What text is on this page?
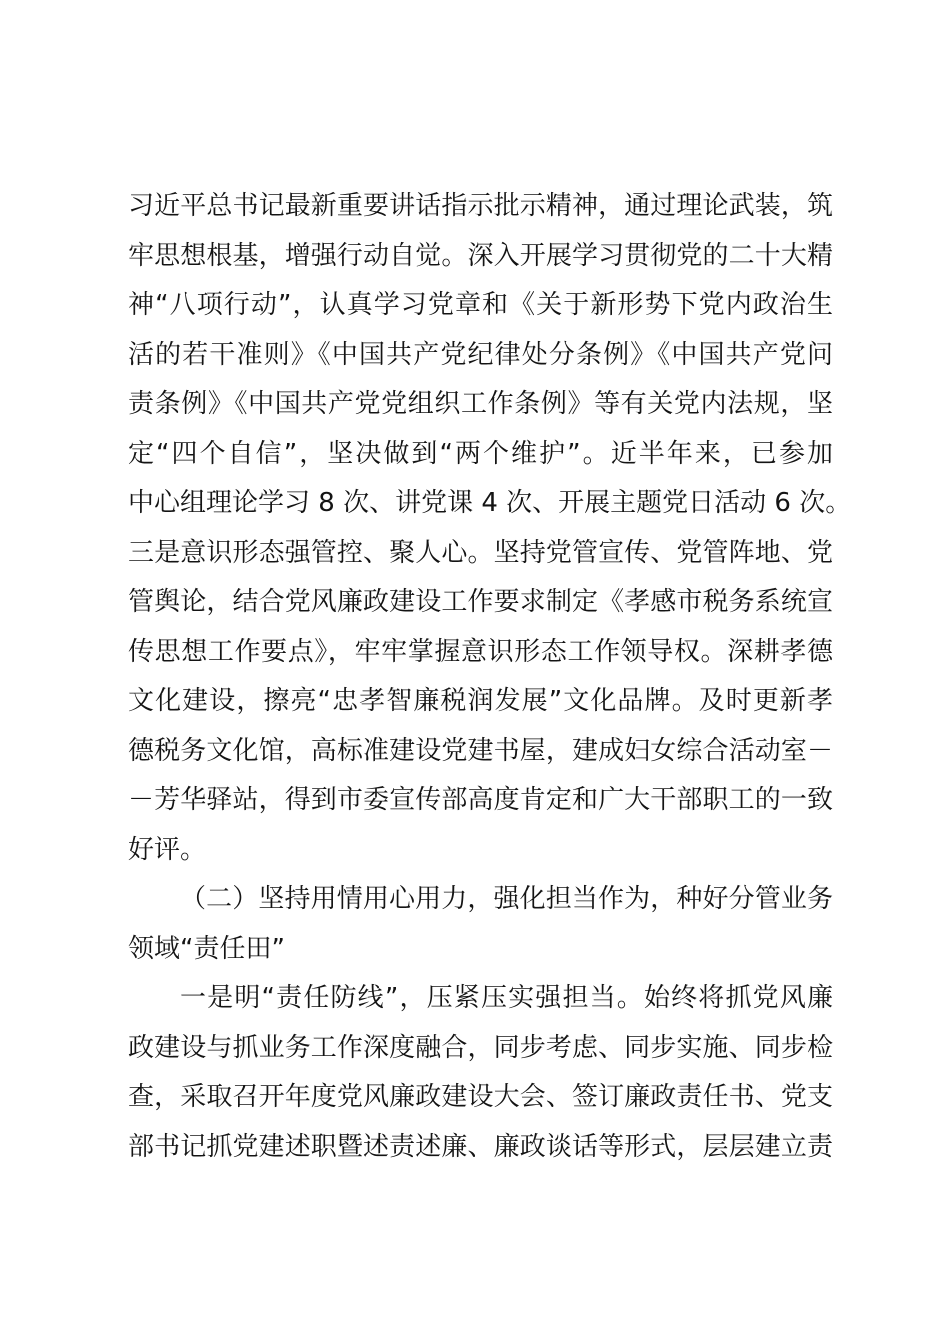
习近平总书记最新重要讲话指示批示精神，通过理论武装，筑
牢思想根基，增强行动自觉。深入开展学习贯彻党的二十大精
神“八项行动”，认真学习党章和《关于新形势下党内政治生
活的若干准则》《中国共产党纪律处分条例》《中国共产党问
责条例》《中国共产党党组织工作条例》等有关党内法规，坚
定“四个自信”，坚决做到“两个维护”。近半年来，已参加
中心组理论学习 8 次、讲党课 4 次、开展主题党日活动 6 次。
三是意识形态强管控、聚人心。坚持党管宣传、党管阵地、党
管舆论，结合党风廉政建设工作要求制定《孝感市税务系统宣
传思想工作要点》，牢牢掌握意识形态工作领导权。深耕孝德
文化建设，擦亮“忠孝智廉税润发展”文化品牌。及时更新孝
德税务文化馆，高标准建设党建书屋，建成妇女综合活动室－
－芳华驿站，得到市委宣传部高度肯定和广大干部职工的一致
好评。
（二）坚持用情用心用力，强化担当作为，种好分管业务
领域“责任田”
一是明“责任防线”，压紧压实强担当。始终将抓党风廉
政建设与抓业务工作深度融合，同步考虑、同步实施、同步检
查，采取召开年度党风廉政建设大会、签订廉政责任书、党支
部书记抓党建述职暨述责述廉、廉政谈话等形式，层层建立责
